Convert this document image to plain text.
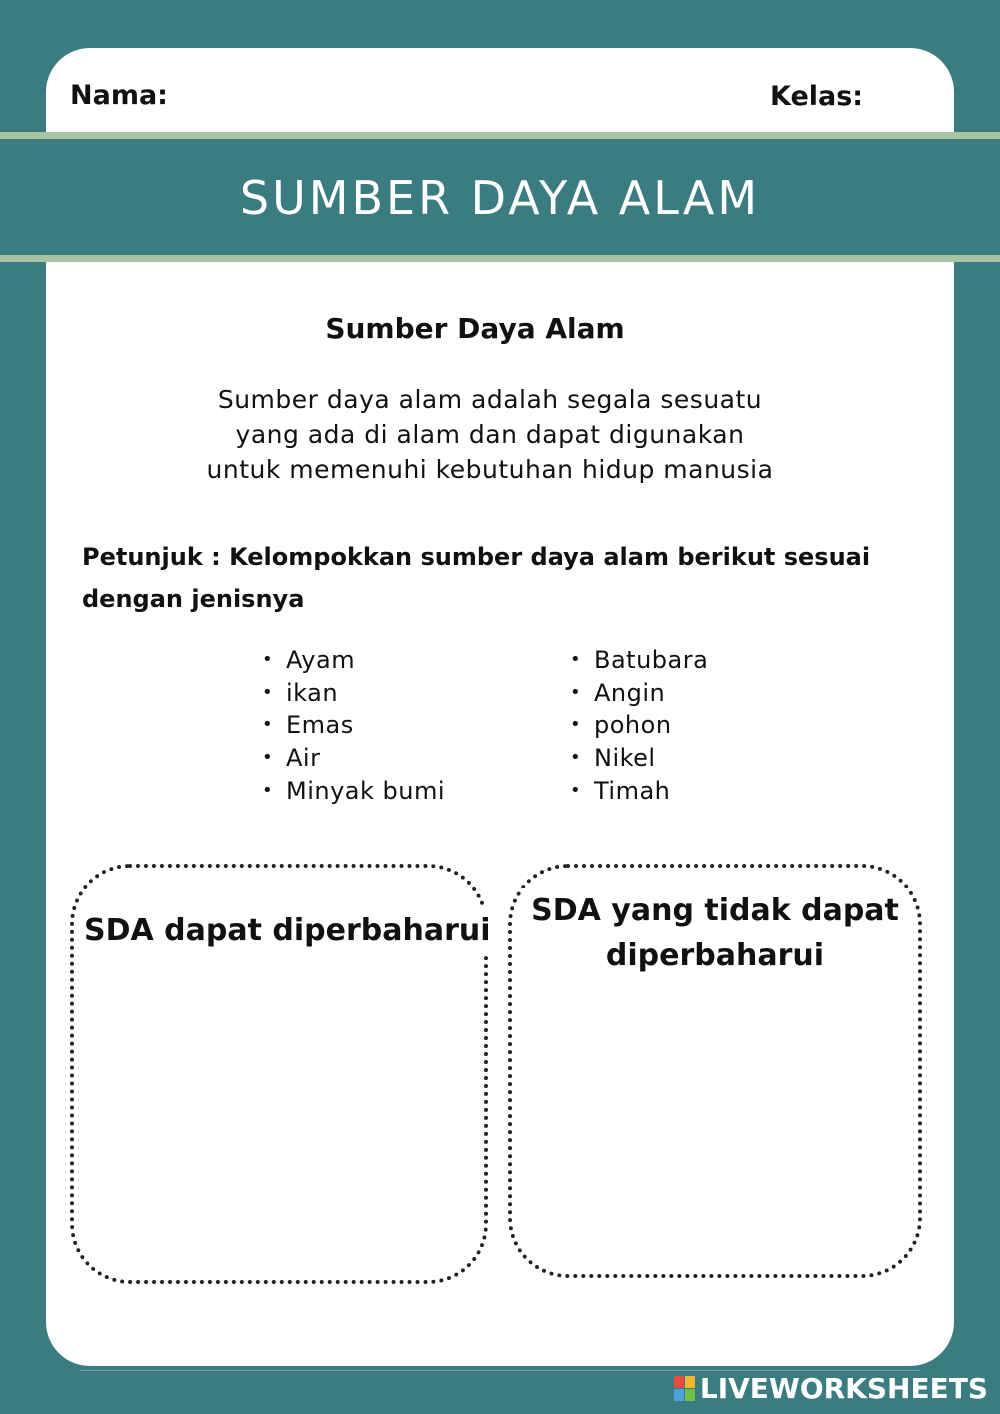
Nama:	Kelas:
SUMBER DAYA ALAM
Sumber Daya Alam
Sumber daya alam adalah segala sesuatu
yang ada di alam dan dapat digunakan
untuk memenuhi kebutuhan hidup manusia
Petunjuk : Kelompokkan sumber daya alam berikut sesuai dengan jenisnya
• Ayam
• ikan
• Emas
• Air
• Minyak bumi
• Batubara
• Angin
• pohon
• Nikel
• Timah
SDA dapat diperbaharui
SDA yang tidak dapat diperbaharui
LIVEWORKSHEETS
